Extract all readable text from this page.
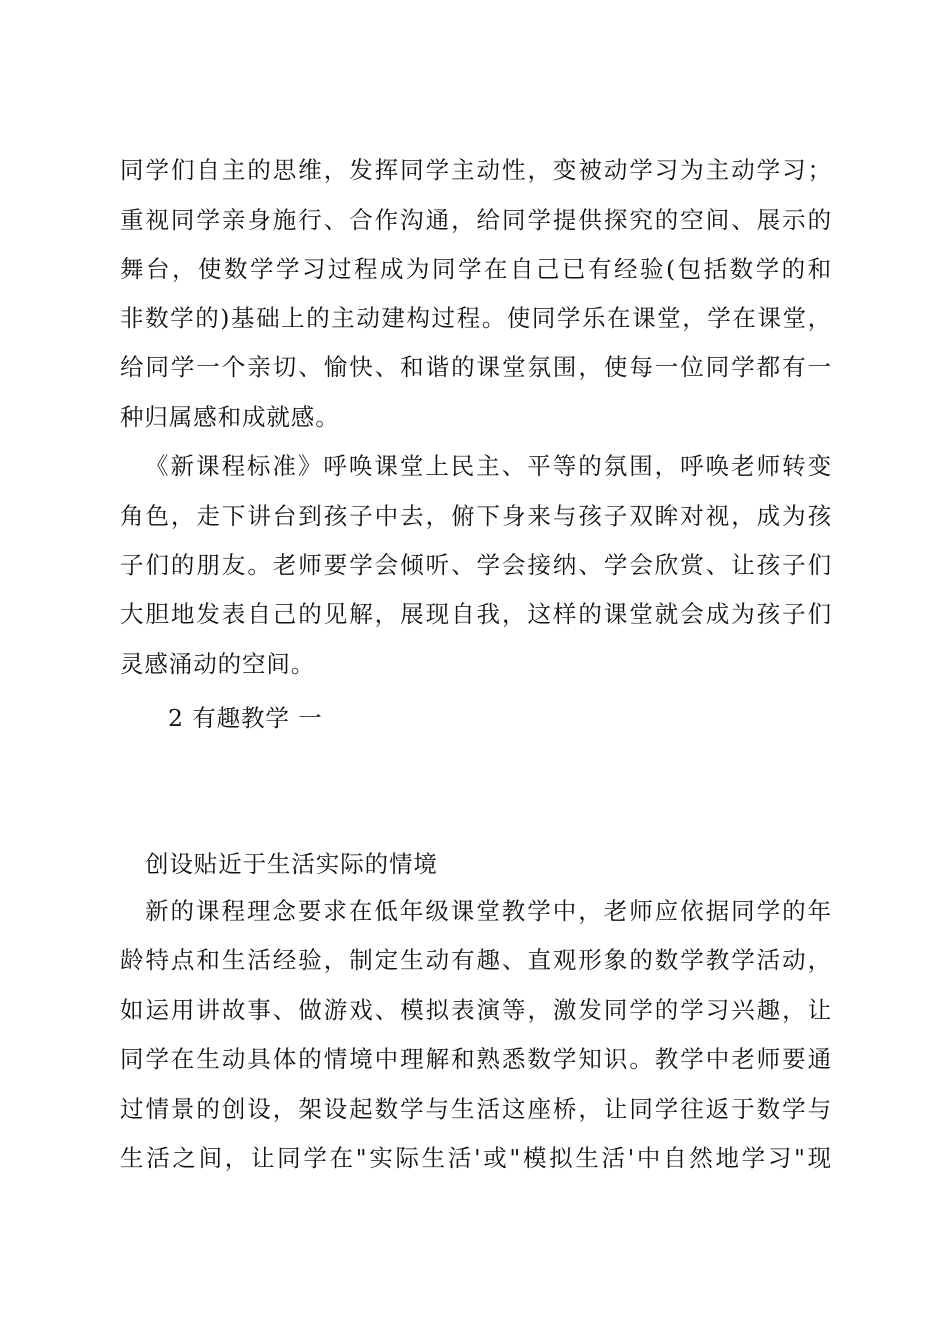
同学们自主的思维，发挥同学主动性，变被动学习为主动学习；
重视同学亲身施行、合作沟通，给同学提供探究的空间、展示的
舞台，使数学学习过程成为同学在自己已有经验(包括数学的和
非数学的)基础上的主动建构过程。使同学乐在课堂，学在课堂，
给同学一个亲切、愉快、和谐的课堂氛围，使每一位同学都有一
种归属感和成就感。
《新课程标准》呼唤课堂上民主、平等的氛围，呼唤老师转变
角色，走下讲台到孩子中去，俯下身来与孩子双眸对视，成为孩
子们的朋友。老师要学会倾听、学会接纳、学会欣赏、让孩子们
大胆地发表自己的见解，展现自我，这样的课堂就会成为孩子们
灵感涌动的空间。
2 有趣教学 一
创设贴近于生活实际的情境
新的课程理念要求在低年级课堂教学中，老师应依据同学的年
龄特点和生活经验，制定生动有趣、直观形象的数学教学活动，
如运用讲故事、做游戏、模拟表演等，激发同学的学习兴趣，让
同学在生动具体的情境中理解和熟悉数学知识。教学中老师要通
过情景的创设，架设起数学与生活这座桥，让同学往返于数学与
生活之间，让同学在"实际生活'或"模拟生活'中自然地学习"现
